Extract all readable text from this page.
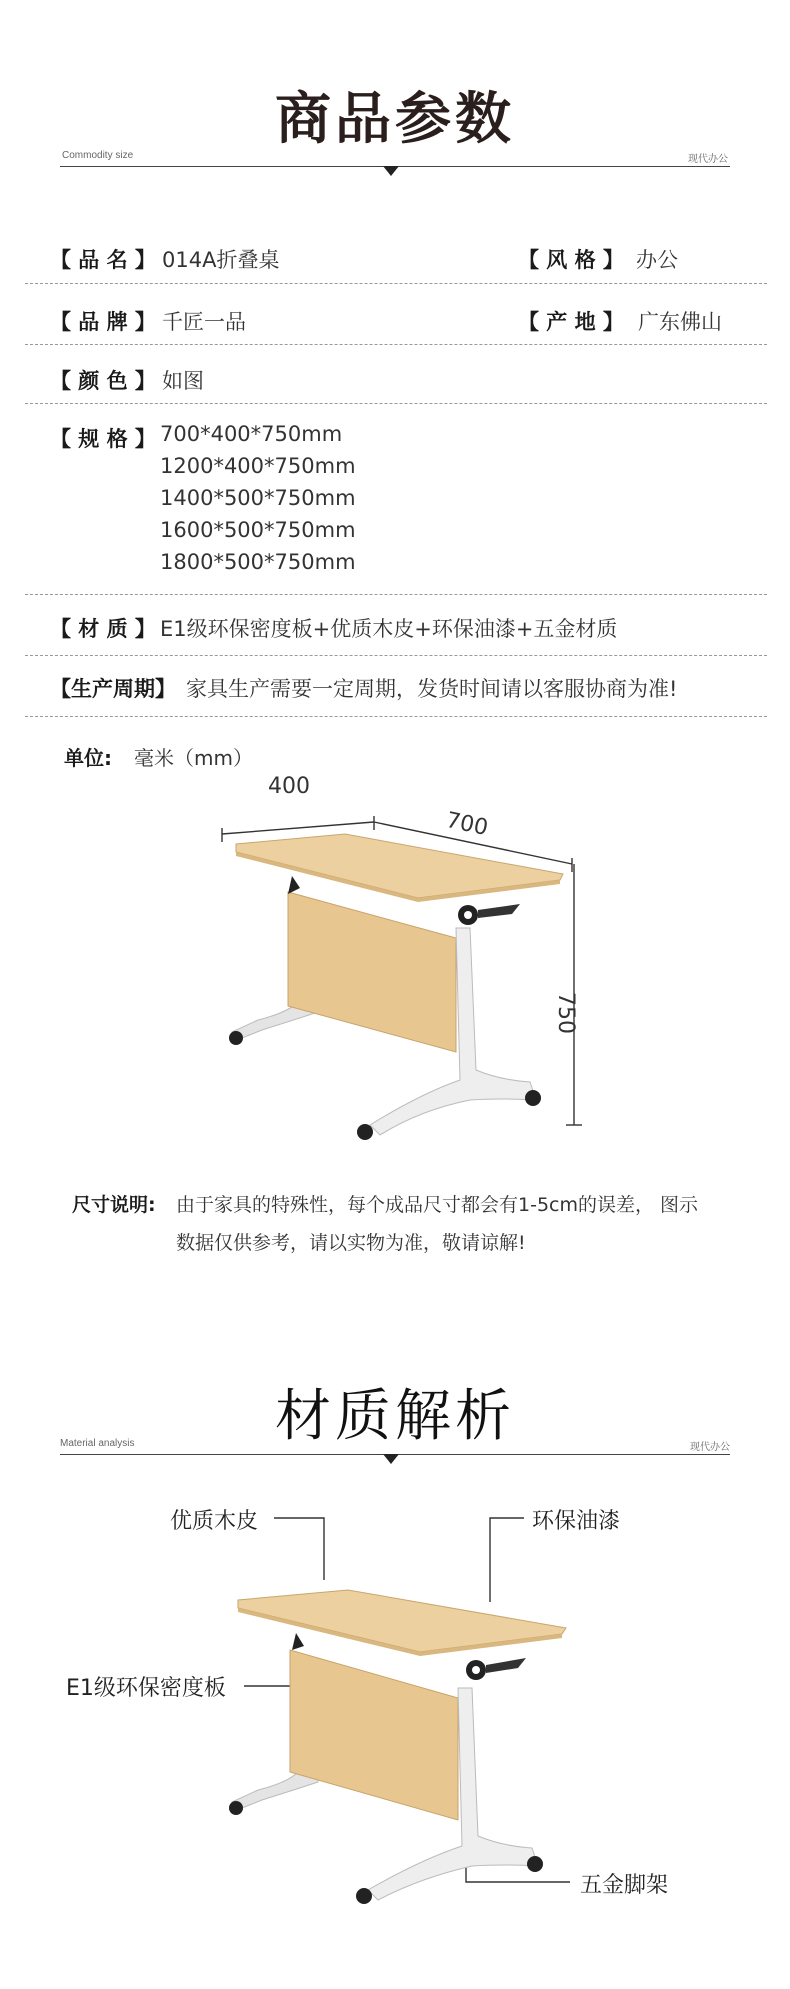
商品参数
Commodity size	现代办公
【 品 名 】 014A折叠桌	【 风 格 】 办公
【 品 牌 】 千匠一品	【 产 地 】 广东佛山
【 颜 色 】 如图
【 规 格 】 700*400*750mm
1200*400*750mm
1400*500*750mm
1600*500*750mm
1800*500*750mm
【 材 质 】 E1级环保密度板+优质木皮+环保油漆+五金材质
【生产周期】 家具生产需要一定周期，发货时间请以客服协商为准!
单位: 毫米（mm）
400
700
750
尺寸说明: 由于家具的特殊性，每个成品尺寸都会有1-5cm的误差， 图示
数据仅供参考，请以实物为准，敬请谅解!
材质解析
Material analysis	现代办公
优质木皮	环保油漆
E1级环保密度板
五金脚架
